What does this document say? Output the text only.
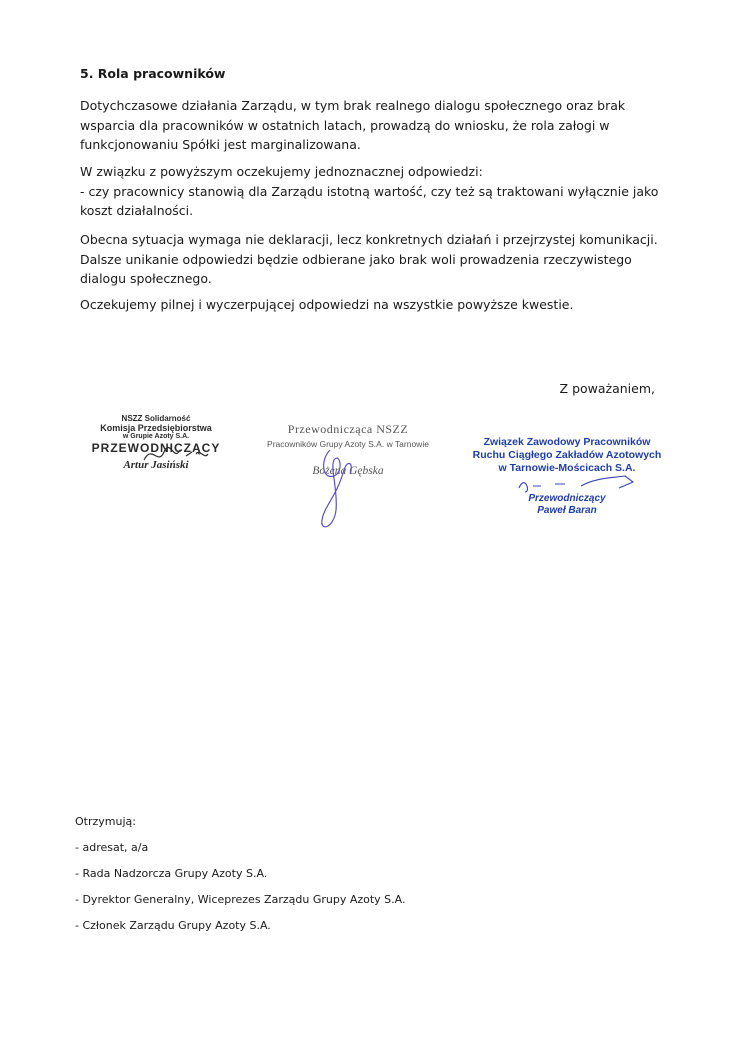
5. Rola pracowników
Dotychczasowe działania Zarządu, w tym brak realnego dialogu społecznego oraz brak wsparcia dla pracowników w ostatnich latach, prowadzą do wniosku, że rola załogi w funkcjonowaniu Spółki jest marginalizowana.
W związku z powyższym oczekujemy jednoznacznej odpowiedzi:
- czy pracownicy stanowią dla Zarządu istotną wartość, czy też są traktowani wyłącznie jako koszt działalności.
Obecna sytuacja wymaga nie deklaracji, lecz konkretnych działań i przejrzystej komunikacji. Dalsze unikanie odpowiedzi będzie odbierane jako brak woli prowadzenia rzeczywistego dialogu społecznego.
Oczekujemy pilnej i wyczerpującej odpowiedzi na wszystkie powyższe kwestie.
Z poważaniem,
NSZZ Solidarność
Komisja Przedsiębiorstwa
w Grupie Azoty S.A.
PRZEWODNICZĄCY
Artur Jasiński
Przewodnicząca NSZZ
Pracowników Grupy Azoty S.A. w Tarnowie
Bożena Gębska
Związek Zawodowy Pracowników
Ruchu Ciągłego Zakładów Azotowych
w Tarnowie-Mościcach S.A.
Przewodniczący
Paweł Baran
Otrzymują:
- adresat, a/a
- Rada Nadzorcza Grupy Azoty S.A.
- Dyrektor Generalny, Wiceprezes Zarządu Grupy Azoty S.A.
- Członek Zarządu Grupy Azoty S.A.
